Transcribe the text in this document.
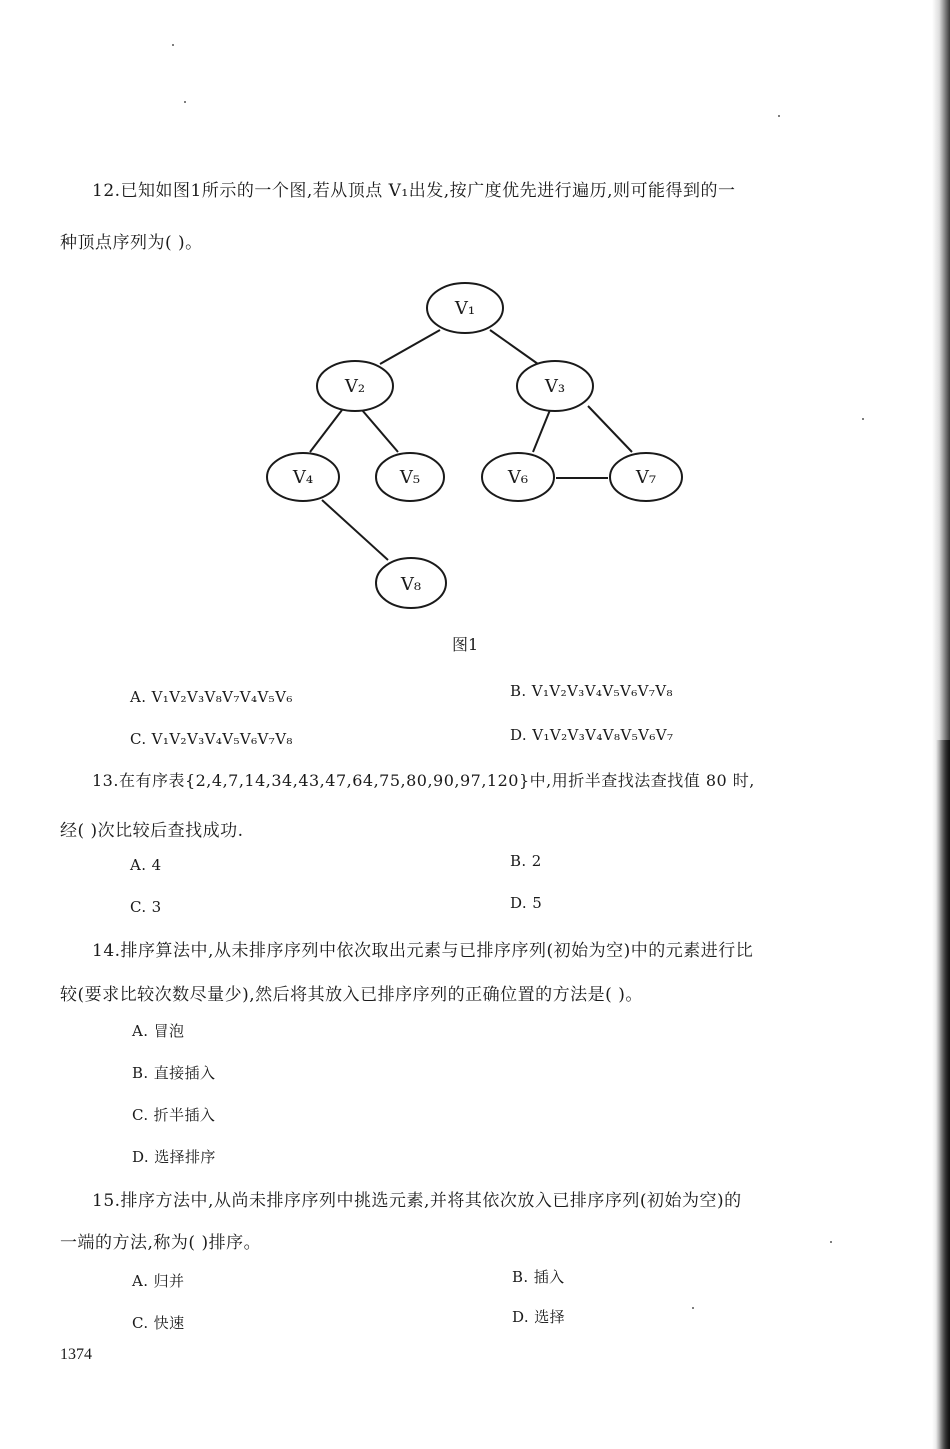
12.已知如图1所示的一个图,若从顶点 V₁出发,按广度优先进行遍历,则可能得到的一
种顶点序列为( )。
V₁
V₂	V₃
V₄	V₅	V₆	V₇
V₈
图1
A. V₁V₂V₃V₈V₇V₄V₅V₆	B. V₁V₂V₃V₄V₅V₆V₇V₈
C. V₁V₂V₃V₄V₅V₆V₇V₈	D. V₁V₂V₃V₄V₈V₅V₆V₇
13.在有序表{2,4,7,14,34,43,47,64,75,80,90,97,120}中,用折半查找法查找值 80 时,
经( )次比较后查找成功.
A. 4	B. 2
C. 3	D. 5
14.排序算法中,从未排序序列中依次取出元素与已排序序列(初始为空)中的元素进行比
较(要求比较次数尽量少),然后将其放入已排序序列的正确位置的方法是( )。
A. 冒泡
B. 直接插入
C. 折半插入
D. 选择排序
15.排序方法中,从尚未排序序列中挑选元素,并将其依次放入已排序序列(初始为空)的
一端的方法,称为( )排序。
A. 归并	B. 插入
C. 快速	D. 选择
1374
